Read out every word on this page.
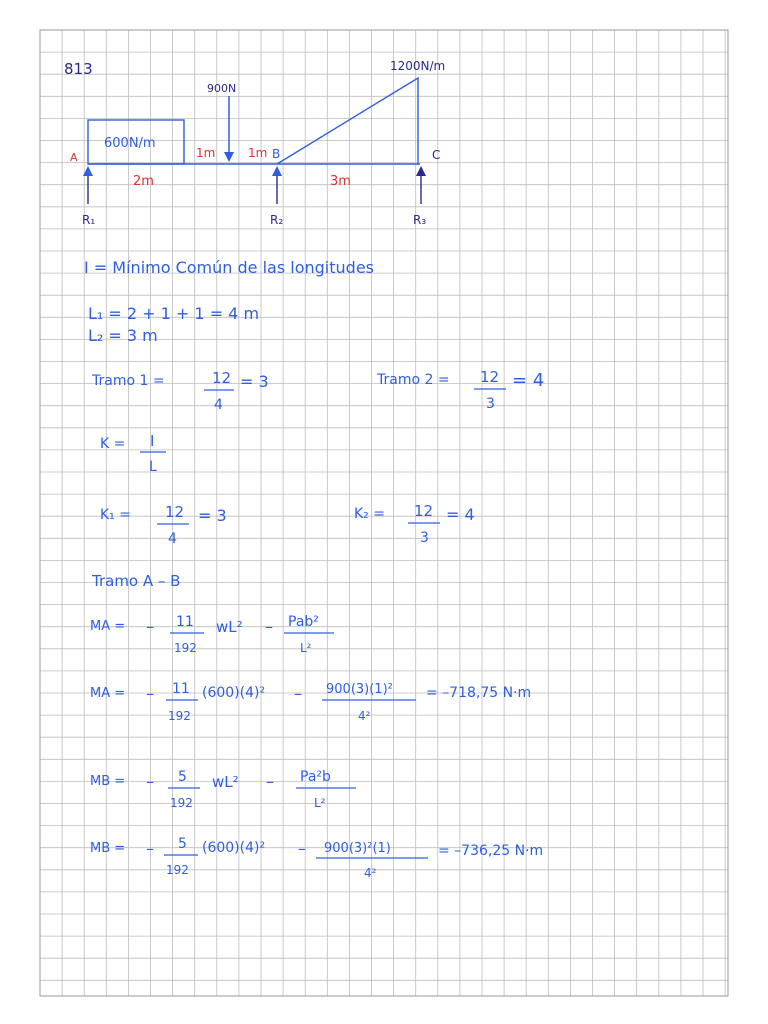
813
600N/m
900N
1200N/m
A	B	C
1m	1m
2m	3m
R₁	R₂	R₃
I = Mínimo Común de las longitudes
L₁ = 2 + 1 + 1 = 4 m
L₂ = 3 m
Tramo 1 =	12
4
= 3	Tramo 2 = 12
3
= 4
K = I
L
K₁ = 12
4
= 3	K₂ = 12
3
= 4
Tramo A – B
MA = – 11
192
wL² – Pab²
L²
MA = – 11
192
(600)(4)² – 900(3)(1)²
4²
= –718,75 N·m
MB = – 5
192
wL² – Pa²b
L²
MB = – 5
192
(600)(4)² – 900(3)²(1)
4²
= –736,25 N·m
